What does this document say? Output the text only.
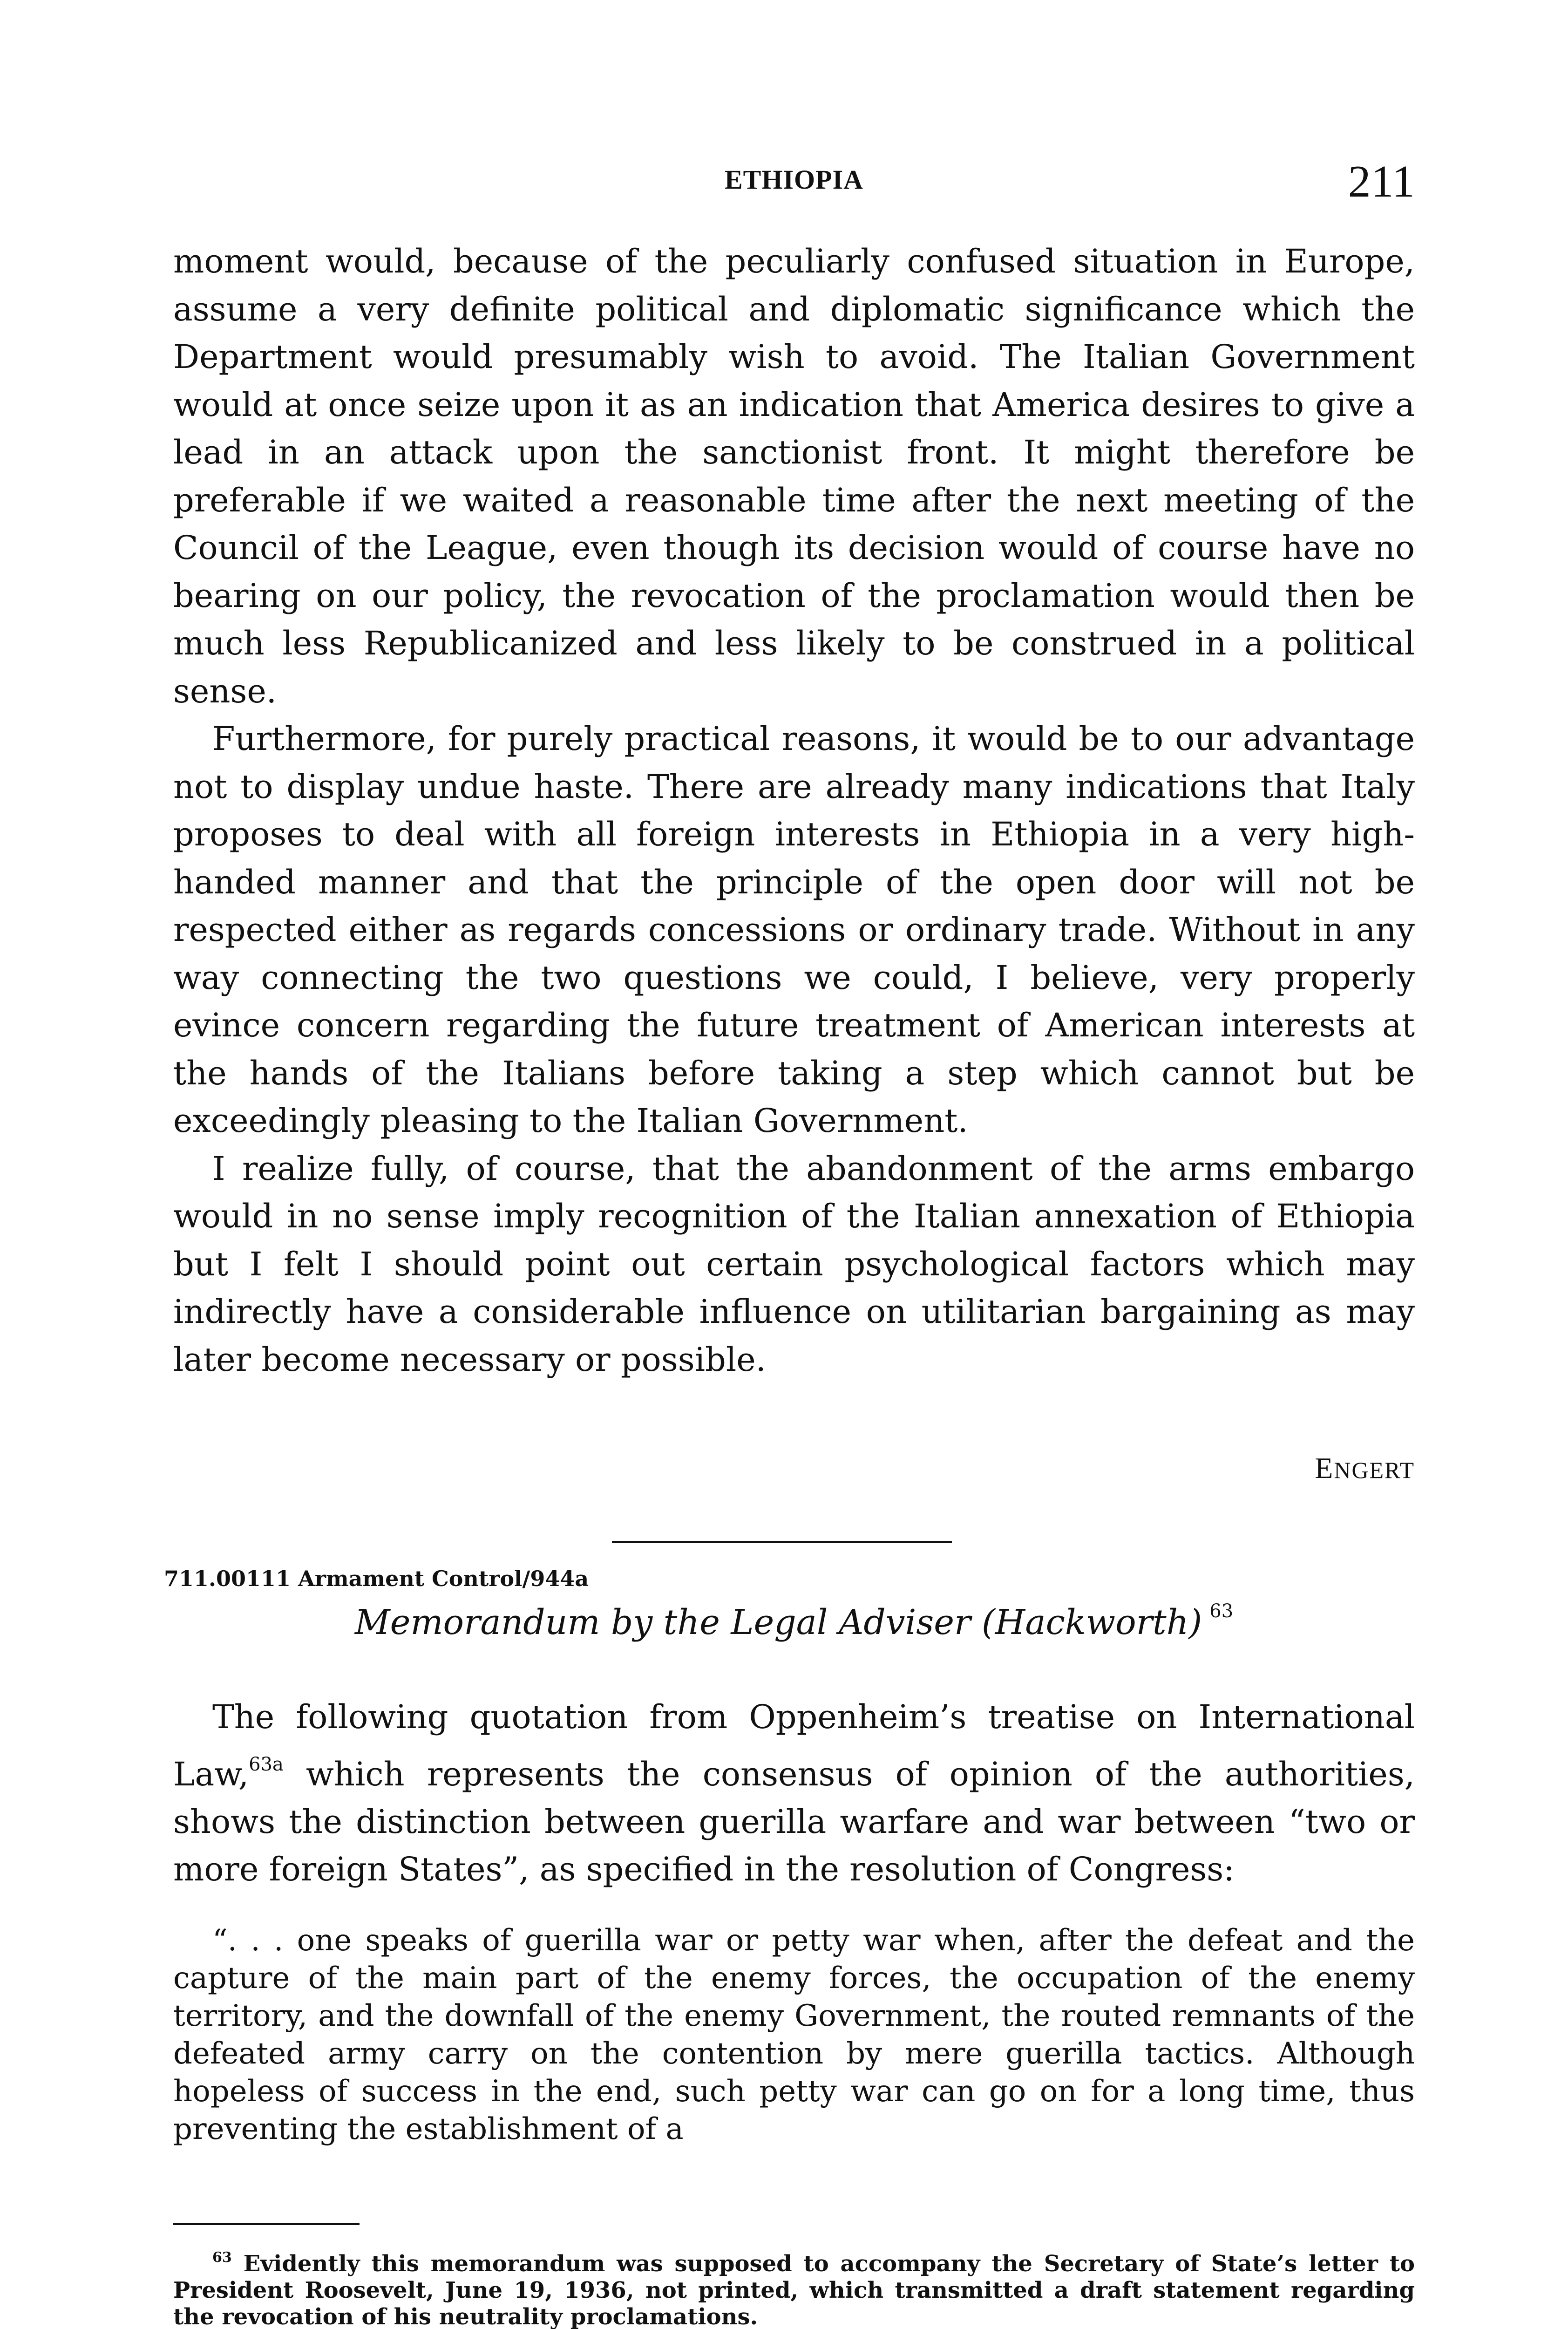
ETHIOPIA	211

moment would, because of the peculiarly confused situation in Europe, assume a very definite political and diplomatic significance which the Department would presumably wish to avoid. The Italian Government would at once seize upon it as an indication that America desires to give a lead in an attack upon the sanctionist front. It might therefore be preferable if we waited a reasonable time after the next meeting of the Council of the League, even though its decision would of course have no bearing on our policy, the revocation of the proclamation would then be much less Republicanized and less likely to be construed in a political sense.

Furthermore, for purely practical reasons, it would be to our advantage not to display undue haste. There are already many indications that Italy proposes to deal with all foreign interests in Ethiopia in a very high-handed manner and that the principle of the open door will not be respected either as regards concessions or ordinary trade. Without in any way connecting the two questions we could, I believe, very properly evince concern regarding the future treatment of American interests at the hands of the Italians before taking a step which cannot but be exceedingly pleasing to the Italian Government.

I realize fully, of course, that the abandonment of the arms embargo would in no sense imply recognition of the Italian annexation of Ethiopia but I felt I should point out certain psychological factors which may indirectly have a considerable influence on utilitarian bargaining as may later become necessary or possible.

ENGERT
711.00111 Armament Control/944a
Memorandum by the Legal Adviser (Hackworth) $^{63}$

The following quotation from Oppenheim’s treatise on International Law,$^{63a}$ which represents the consensus of opinion of the authorities, shows the distinction between guerilla warfare and war between “two or more foreign States”, as specified in the resolution of Congress:

“. . . one speaks of guerilla war or petty war when, after the defeat and the capture of the main part of the enemy forces, the occupation of the enemy territory, and the downfall of the enemy Government, the routed remnants of the defeated army carry on the contention by mere guerilla tactics. Although hopeless of success in the end, such petty war can go on for a long time, thus preventing the establishment of a

$^{63}$ Evidently this memorandum was supposed to accompany the Secretary of State’s letter to President Roosevelt, June 19, 1936, not printed, which transmitted a draft statement regarding the revocation of his neutrality proclamations.
